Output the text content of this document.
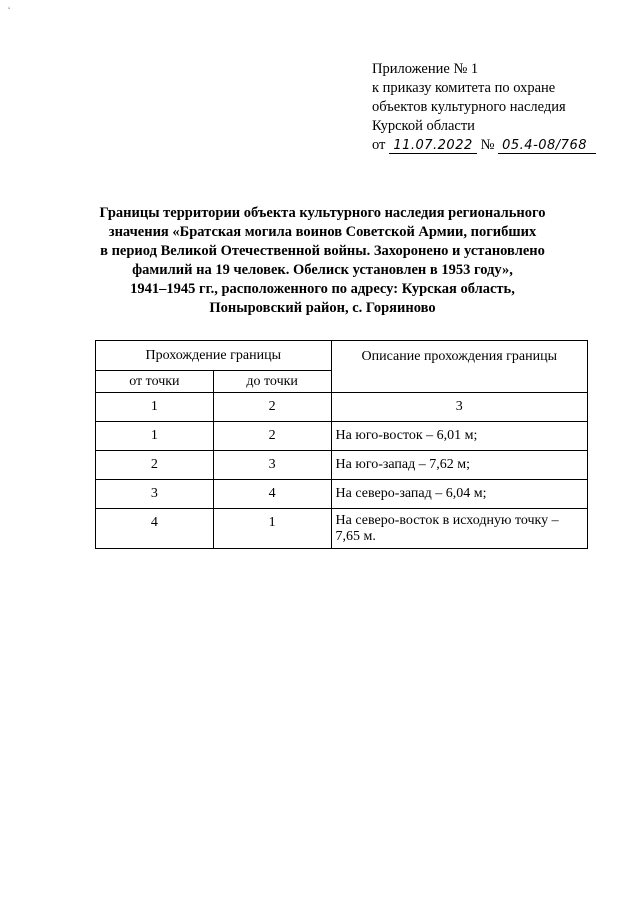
ʻ
Приложение № 1
к приказу комитета по охране
объектов культурного наследия
Курской области
от 11.07.2022 № 05.4-08/768
Границы территории объекта культурного наследия регионального
значения «Братская могила воинов Советской Армии, погибших
в период Великой Отечественной войны. Захоронено и установлено
фамилий на 19 человек. Обелиск установлен в 1953 году»,
1941–1945 гг., расположенного по адресу: Курская область,
Поныровский район, с. Горяиново
Прохождение границы		Описание прохождения границы
от точки	до точки	
1	2	3
1	2	На юго-восток – 6,01 м;
2	3	На юго-запад – 7,62 м;
3	4	На северо-запад – 6,04 м;
4	1	На северо-восток в исходную точку – 7,65 м.
